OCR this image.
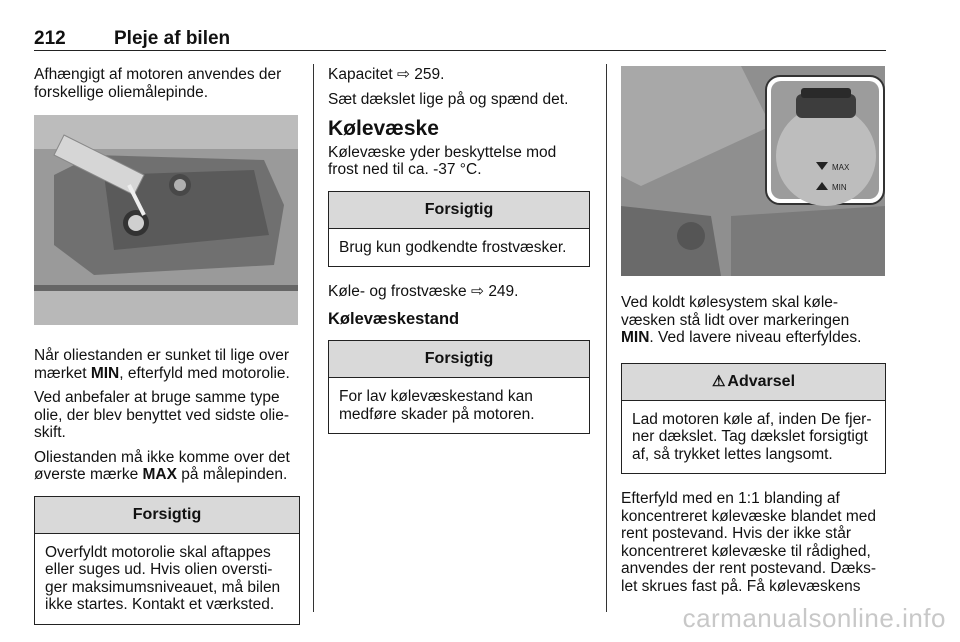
212	Pleje af bilen

Afhængigt af motoren anvendes der forskellige oliemålepinde.

Når oliestanden er sunket til lige over mærket MIN, efterfyld med motorolie.

Ved anbefaler at bruge samme type olie, der blev benyttet ved sidste olie-skift.

Oliestanden må ikke komme over det øverste mærke MAX på målepinden.

Forsigtig
Overfyldt motorolie skal aftappes eller suges ud. Hvis olien oversti-ger maksimumsniveauet, må bilen ikke startes. Kontakt et værksted.

Kapacitet ⇨ 259.

Sæt dækslet lige på og spænd det.

Kølevæske

Kølevæske yder beskyttelse mod frost ned til ca. -37 °C.

Forsigtig
Brug kun godkendte frostvæsker.

Køle- og frostvæske ⇨ 249.

Kølevæskestand
Forsigtig
For lav kølevæskestand kan medføre skader på motoren.
MAX
MIN

Ved koldt kølesystem skal køle-væsken stå lidt over markeringen MIN. Ved lavere niveau efterfyldes.

⚠ Advarsel
Lad motoren køle af, inden De fjer-ner dækslet. Tag dækslet forsigtigt af, så trykket lettes langsomt.

Efterfyld med en 1:1 blanding af koncentreret kølevæske blandet med rent postevand. Hvis der ikke står koncentreret kølevæske til rådighed, anvendes der rent postevand. Dæks-let skrues fast på. Få kølevæskens

carmanualsonline.info
